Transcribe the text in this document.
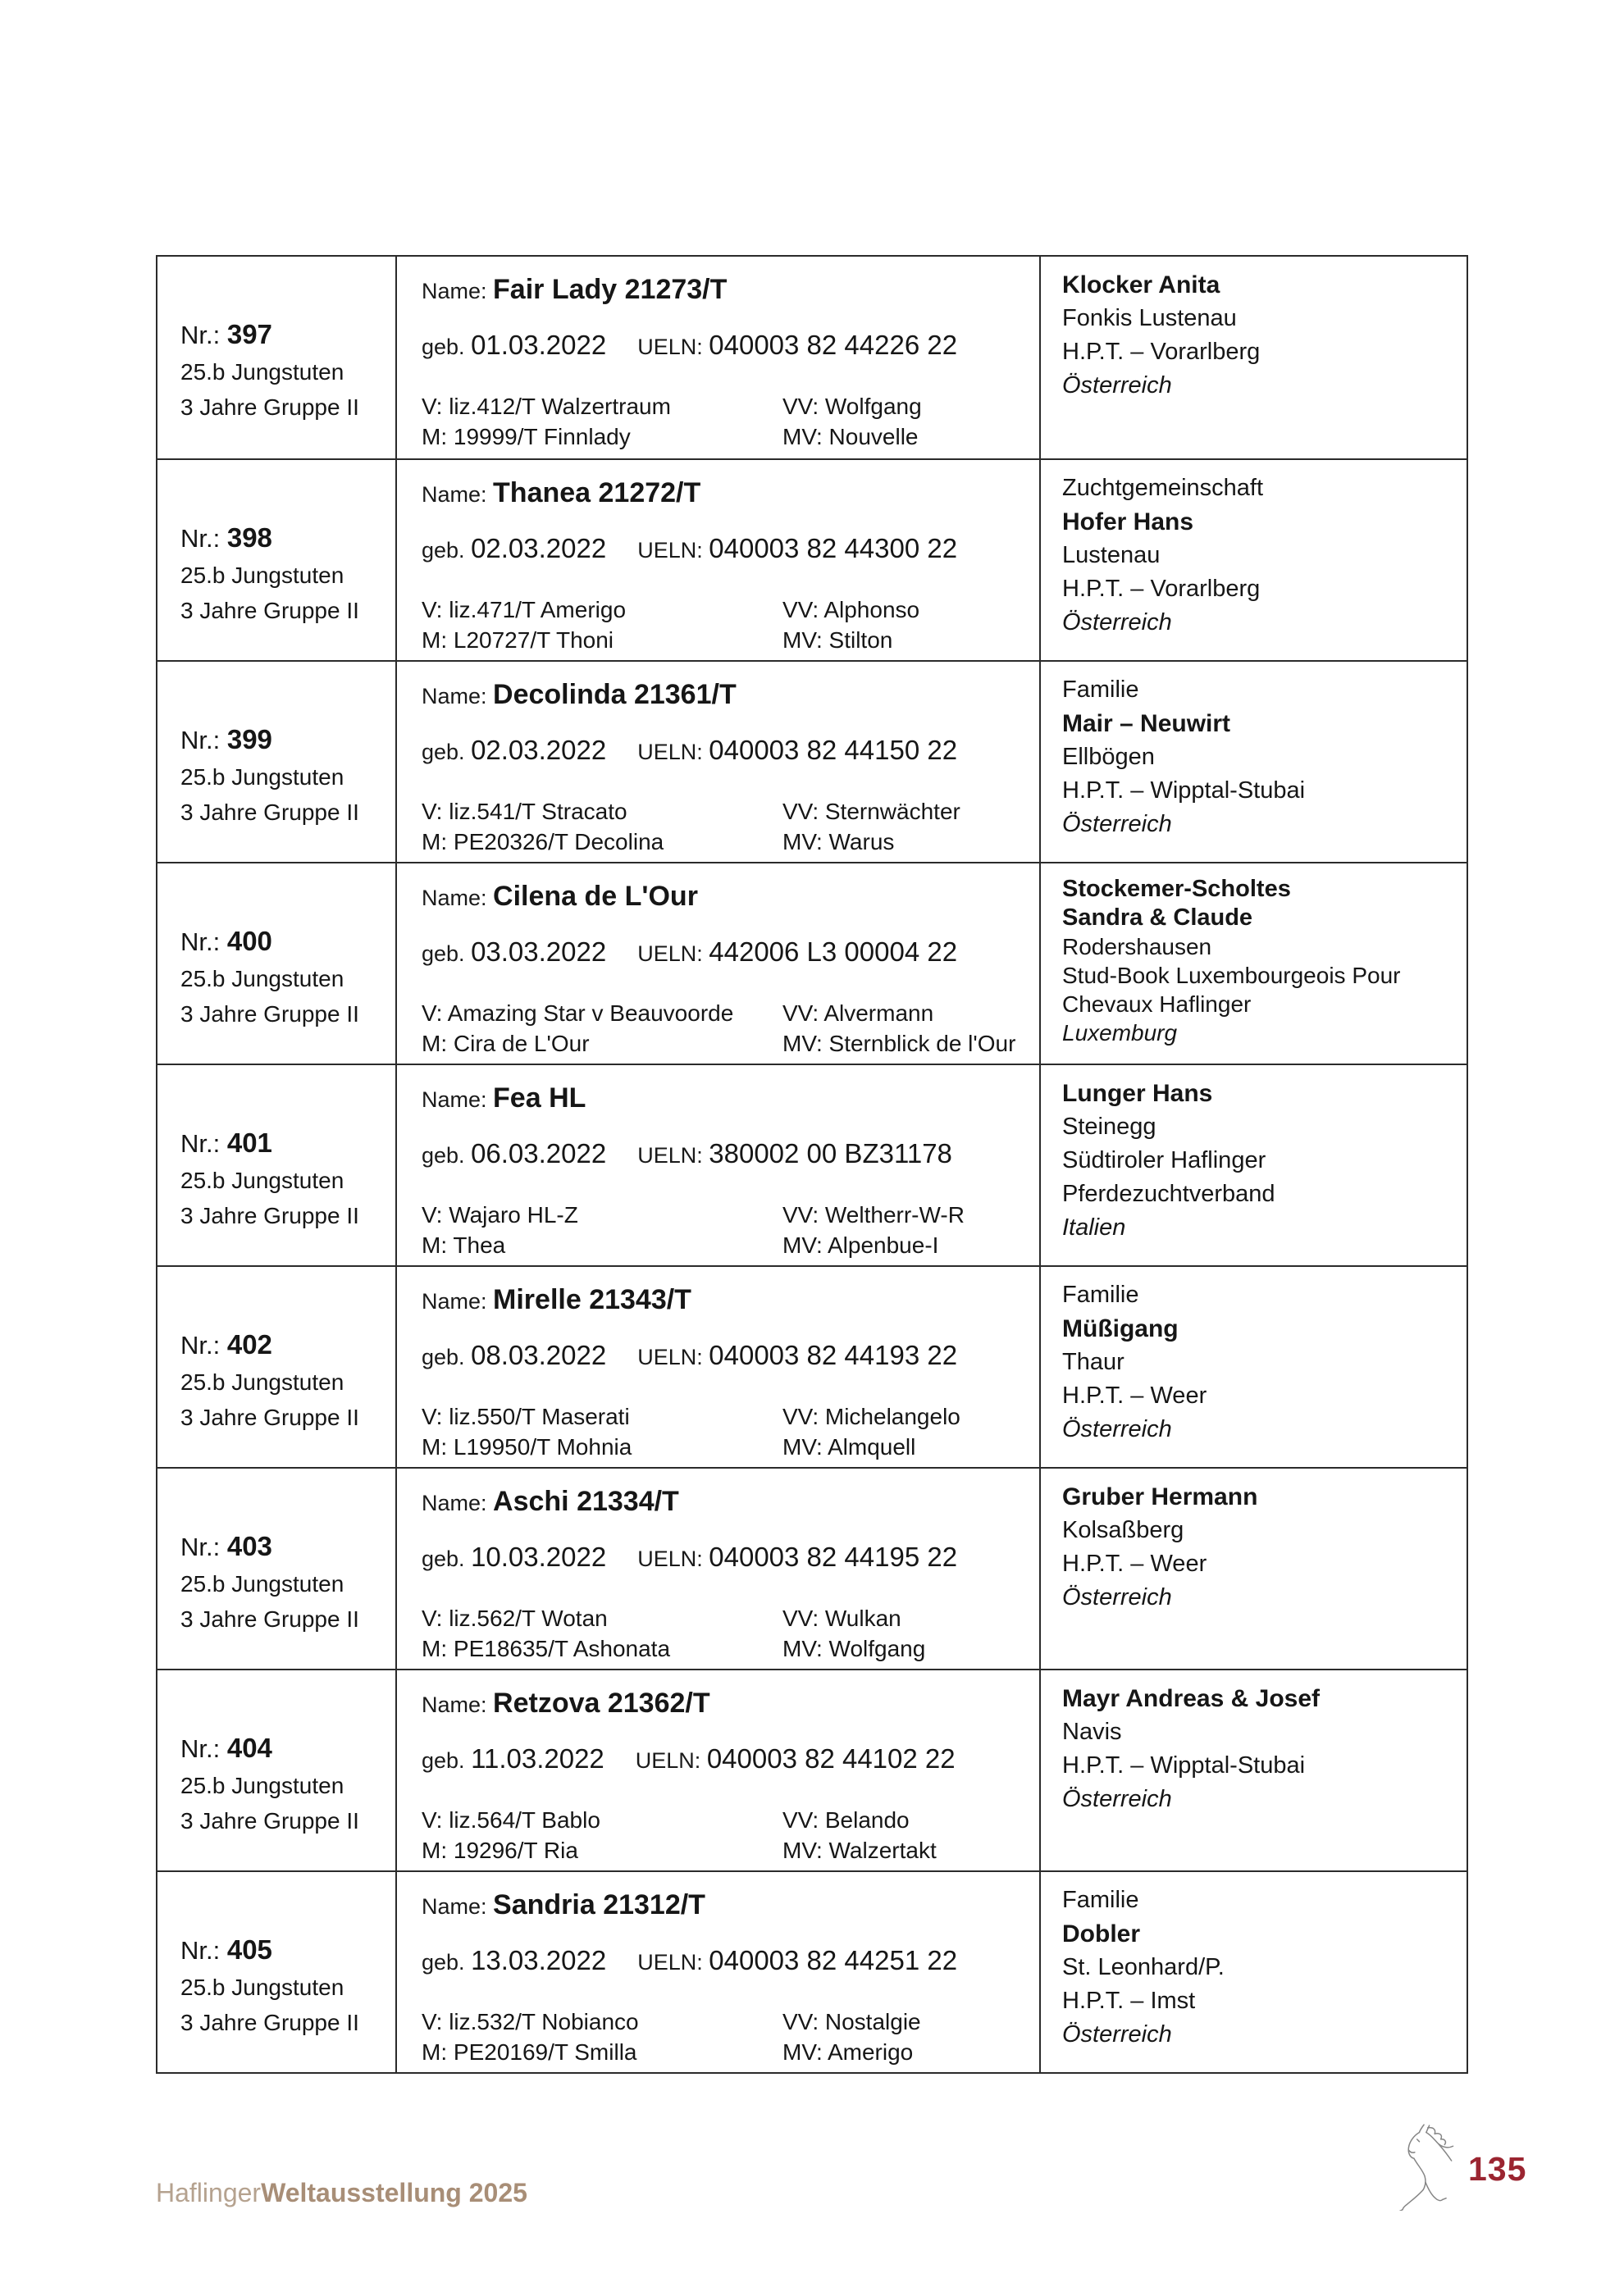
Nr.: 397
25.b Jungstuten
3 Jahre Gruppe II
Name: Fair Lady 21273/T
geb. 01.03.2022 UELN: 040003 82 44226 22
V: liz.412/T Walzertraum
M: 19999/T Finnlady
VV: Wolfgang
MV: Nouvelle
Klocker Anita
Fonkis Lustenau
H.P.T. – Vorarlberg
Österreich
Nr.: 398
25.b Jungstuten
3 Jahre Gruppe II
Name: Thanea 21272/T
geb. 02.03.2022 UELN: 040003 82 44300 22
V: liz.471/T Amerigo
M: L20727/T Thoni
VV: Alphonso
MV: Stilton
Zuchtgemeinschaft
Hofer Hans
Lustenau
H.P.T. – Vorarlberg
Österreich
Nr.: 399
25.b Jungstuten
3 Jahre Gruppe II
Name: Decolinda 21361/T
geb. 02.03.2022 UELN: 040003 82 44150 22
V: liz.541/T Stracato
M: PE20326/T Decolina
VV: Sternwächter
MV: Warus
Familie
Mair – Neuwirt
Ellbögen
H.P.T. – Wipptal-Stubai
Österreich
Nr.: 400
25.b Jungstuten
3 Jahre Gruppe II
Name: Cilena de L'Our
geb. 03.03.2022 UELN: 442006 L3 00004 22
V: Amazing Star v Beauvoorde
M: Cira de L'Our
VV: Alvermann
MV: Sternblick de l'Our
Stockemer-Scholtes
Sandra & Claude
Rodershausen
Stud-Book Luxembourgeois Pour
Chevaux Haflinger
Luxemburg
Nr.: 401
25.b Jungstuten
3 Jahre Gruppe II
Name: Fea HL
geb. 06.03.2022 UELN: 380002 00 BZ31178
V: Wajaro HL-Z
M: Thea
VV: Weltherr-W-R
MV: Alpenbue-I
Lunger Hans
Steinegg
Südtiroler Haflinger
Pferdezuchtverband
Italien
Nr.: 402
25.b Jungstuten
3 Jahre Gruppe II
Name: Mirelle 21343/T
geb. 08.03.2022 UELN: 040003 82 44193 22
V: liz.550/T Maserati
M: L19950/T Mohnia
VV: Michelangelo
MV: Almquell
Familie
Müßigang
Thaur
H.P.T. – Weer
Österreich
Nr.: 403
25.b Jungstuten
3 Jahre Gruppe II
Name: Aschi 21334/T
geb. 10.03.2022 UELN: 040003 82 44195 22
V: liz.562/T Wotan
M: PE18635/T Ashonata
VV: Wulkan
MV: Wolfgang
Gruber Hermann
Kolsaßberg
H.P.T. – Weer
Österreich
Nr.: 404
25.b Jungstuten
3 Jahre Gruppe II
Name: Retzova 21362/T
geb. 11.03.2022 UELN: 040003 82 44102 22
V: liz.564/T Bablo
M: 19296/T Ria
VV: Belando
MV: Walzertakt
Mayr Andreas & Josef
Navis
H.P.T. – Wipptal-Stubai
Österreich
Nr.: 405
25.b Jungstuten
3 Jahre Gruppe II
Name: Sandria 21312/T
geb. 13.03.2022 UELN: 040003 82 44251 22
V: liz.532/T Nobianco
M: PE20169/T Smilla
VV: Nostalgie
MV: Amerigo
Familie
Dobler
St. Leonhard/P.
H.P.T. – Imst
Österreich
HaflingerWeltausstellung 2025
135
